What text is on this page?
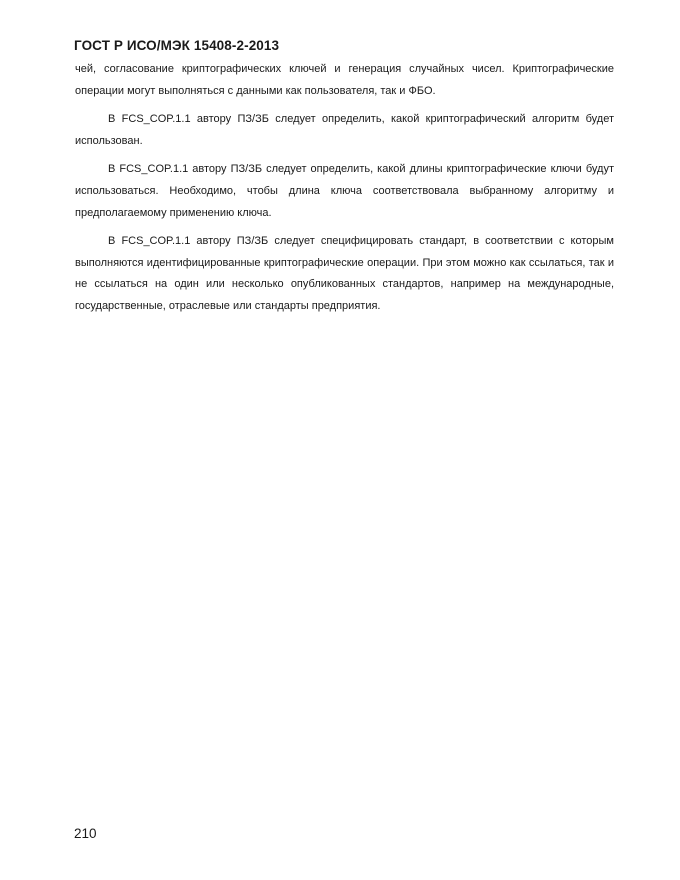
ГОСТ Р ИСО/МЭК 15408-2-2013

чей, согласование криптографических ключей и генерация случайных чисел. Криптографические операции могут выполняться с данными как пользователя, так и ФБО.

В FCS_COP.1.1 автору ПЗ/ЗБ следует определить, какой криптографический алгоритм будет использован.

В FCS_COP.1.1 автору ПЗ/ЗБ следует определить, какой длины криптографические ключи будут использоваться. Необходимо, чтобы длина ключа соответствовала выбранному алгоритму и предполагаемому применению ключа.

В FCS_COP.1.1 автору ПЗ/ЗБ следует специфицировать стандарт, в соответствии с которым выполняются идентифицированные криптографические операции. При этом можно как ссылаться, так и не ссылаться на один или несколько опубликованных стандартов, например на международные, государственные, отраслевые или стандарты предприятия.

210
